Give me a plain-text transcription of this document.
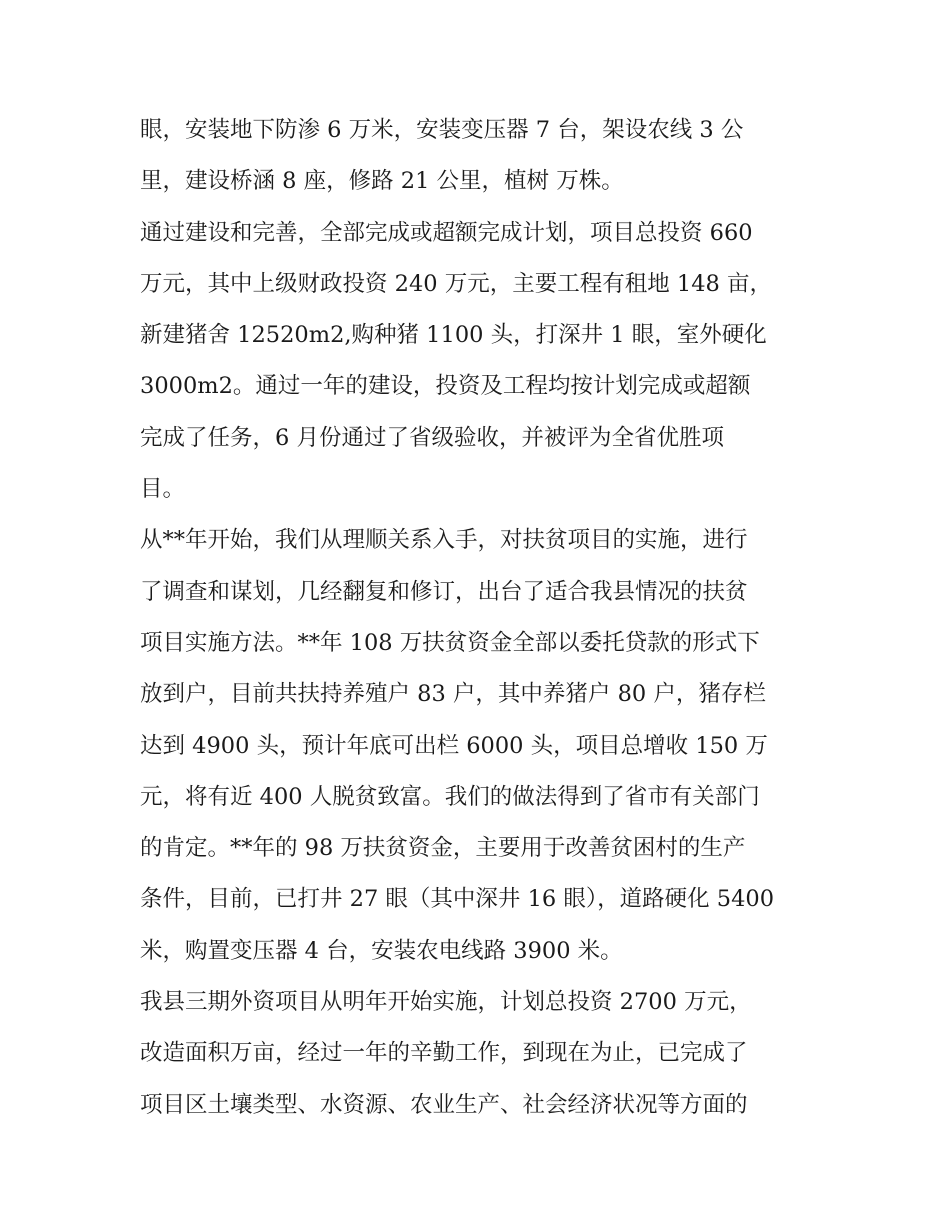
眼，安装地下防渗 6 万米，安装变压器 7 台，架设农线 3 公
里，建设桥涵 8 座，修路 21 公里，植树 万株。
通过建设和完善，全部完成或超额完成计划，项目总投资 660
万元，其中上级财政投资 240 万元，主要工程有租地 148 亩，
新建猪舍 12520m2,购种猪 1100 头，打深井 1 眼，室外硬化
3000m2。通过一年的建设，投资及工程均按计划完成或超额
完成了任务，6 月份通过了省级验收，并被评为全省优胜项
目。
从**年开始，我们从理顺关系入手，对扶贫项目的实施，进行
了调查和谋划，几经翻复和修订，出台了适合我县情况的扶贫
项目实施方法。**年 108 万扶贫资金全部以委托贷款的形式下
放到户，目前共扶持养殖户 83 户，其中养猪户 80 户，猪存栏
达到 4900 头，预计年底可出栏 6000 头，项目总增收 150 万
元，将有近 400 人脱贫致富。我们的做法得到了省市有关部门
的肯定。**年的 98 万扶贫资金，主要用于改善贫困村的生产
条件，目前，已打井 27 眼（其中深井 16 眼），道路硬化 5400
米，购置变压器 4 台，安装农电线路 3900 米。
我县三期外资项目从明年开始实施，计划总投资 2700 万元，
改造面积万亩，经过一年的辛勤工作，到现在为止，已完成了
项目区土壤类型、水资源、农业生产、社会经济状况等方面的
